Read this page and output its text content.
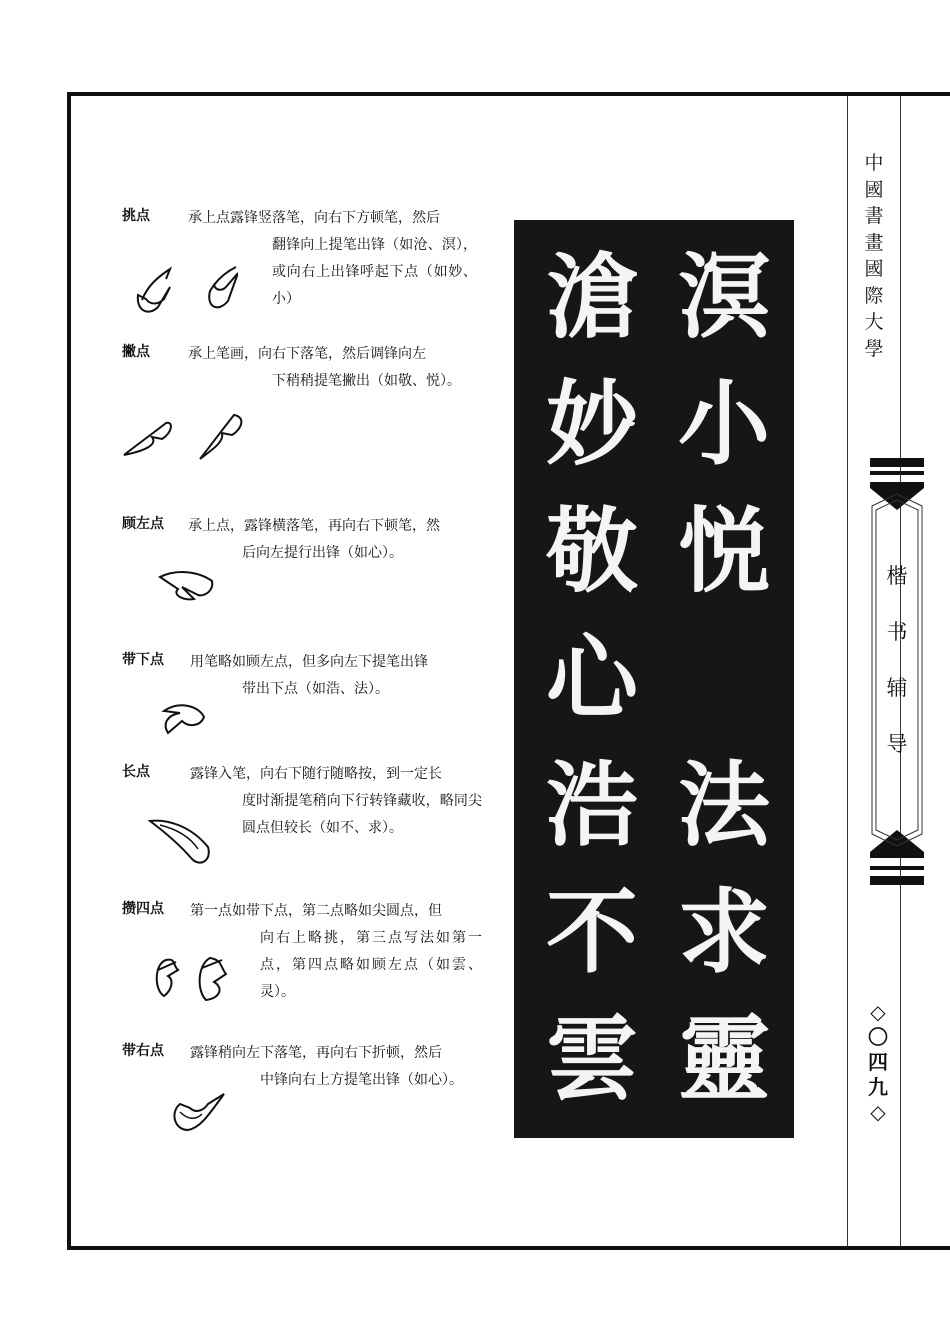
挑点	承上点露锋竖落笔，向右下方顿笔，然后
翻锋向上提笔出锋（如沧、溟），或向右上出锋呼起下点（如妙、小）
撇点	承上笔画，向右下落笔，然后调锋向左
下稍稍提笔撇出（如敬、悦）。
顾左点 承上点，露锋横落笔，再向右下顿笔，然
后向左提行出锋（如心）。
带下点 用笔略如顾左点，但多向左下提笔出锋
带出下点（如浩、法）。
长点	露锋入笔，向右下随行随略按，到一定长
度时渐提笔稍向下行转锋藏收，略同尖圆点但较长（如不、求）。
攒四点 第一点如带下点，第二点略如尖圆点，但
向右上略挑，第三点写法如第一点，第四点略如顾左点（如雲、灵）。
带右点 露锋稍向左下落笔，再向右下折顿，然后
中锋向右上方提笔出锋（如心）。
溟
小
悦
法
求
靈
滄
妙
敬
心
浩
不
雲
中
國
書
畫
國
際
大
學
楷
书
辅
导
◇
〇
四
九
◇
